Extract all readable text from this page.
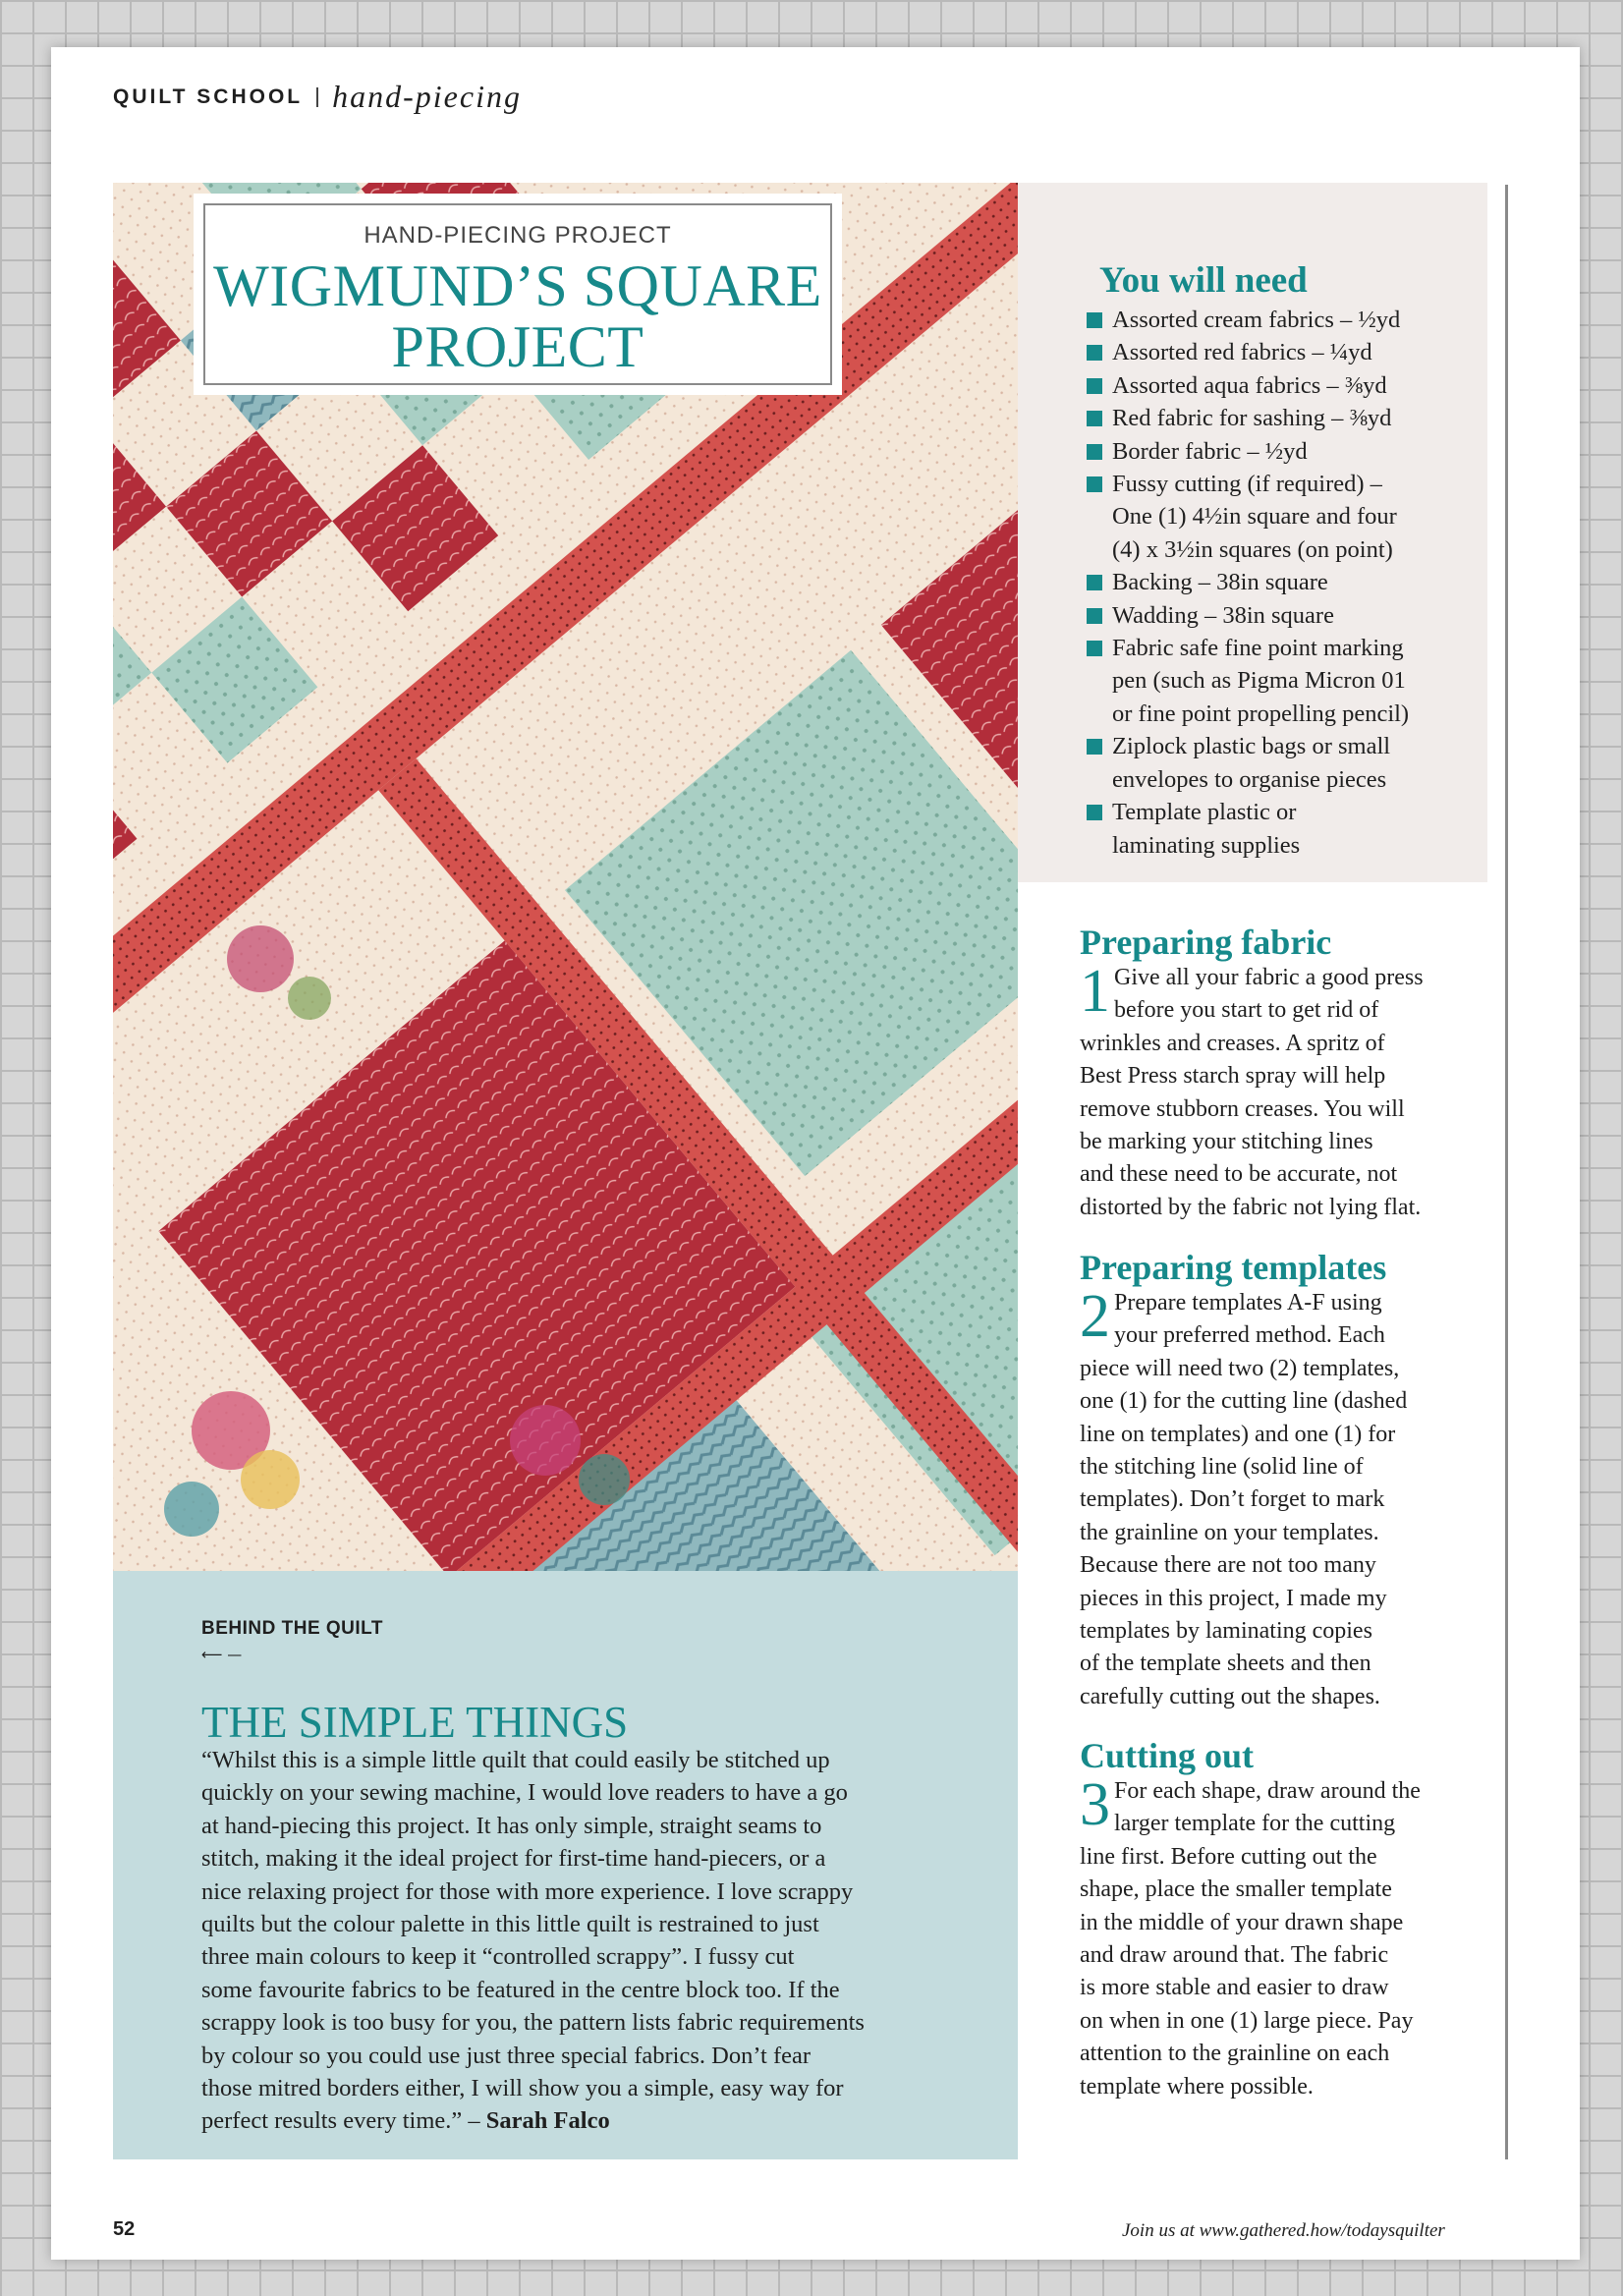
QUILT SCHOOL hand-piecing
HAND-PIECING PROJECT
WIGMUND’S SQUARE
PROJECT
You will need
Assorted cream fabrics – ½yd
Assorted red fabrics – ¼yd
Assorted aqua fabrics – ⅜yd
Red fabric for sashing – ⅜yd
Border fabric – ½yd
Fussy cutting (if required) –
One (1) 4½in square and four
(4) x 3½in squares (on point)
Backing – 38in square
Wadding – 38in square
Fabric safe fine point marking
pen (such as Pigma Micron 01
or fine point propelling pencil)
Ziplock plastic bags or small
envelopes to organise pieces
Template plastic or
laminating supplies
Preparing fabric

1 Give all your fabric a good press
before you start to get rid of
wrinkles and creases. A spritz of
Best Press starch spray will help
remove stubborn creases. You will
be marking your stitching lines
and these need to be accurate, not
distorted by the fabric not lying flat.

Preparing templates

2 Prepare templates A-F using
your preferred method. Each
piece will need two (2) templates,
one (1) for the cutting line (dashed
line on templates) and one (1) for
the stitching line (solid line of
templates). Don’t forget to mark
the grainline on your templates.
Because there are not too many
pieces in this project, I made my
templates by laminating copies
of the template sheets and then
carefully cutting out the shapes.

Cutting out

3 For each shape, draw around the
larger template for the cutting
line first. Before cutting out the
shape, place the smaller template
in the middle of your drawn shape
and draw around that. The fabric
is more stable and easier to draw
on when in one (1) large piece. Pay
attention to the grainline on each
template where possible.

BEHIND THE QUILT
⟵ —
THE SIMPLE THINGS
“Whilst this is a simple little quilt that could easily be stitched up
quickly on your sewing machine, I would love readers to have a go
at hand-piecing this project. It has only simple, straight seams to
stitch, making it the ideal project for first-time hand-piecers, or a
nice relaxing project for those with more experience. I love scrappy
quilts but the colour palette in this little quilt is restrained to just
three main colours to keep it “controlled scrappy”. I fussy cut
some favourite fabrics to be featured in the centre block too. If the
scrappy look is too busy for you, the pattern lists fabric requirements
by colour so you could use just three special fabrics. Don’t fear
those mitred borders either, I will show you a simple, easy way for
perfect results every time.” – Sarah Falco
52	Join us at www.gathered.how/todaysquilter
